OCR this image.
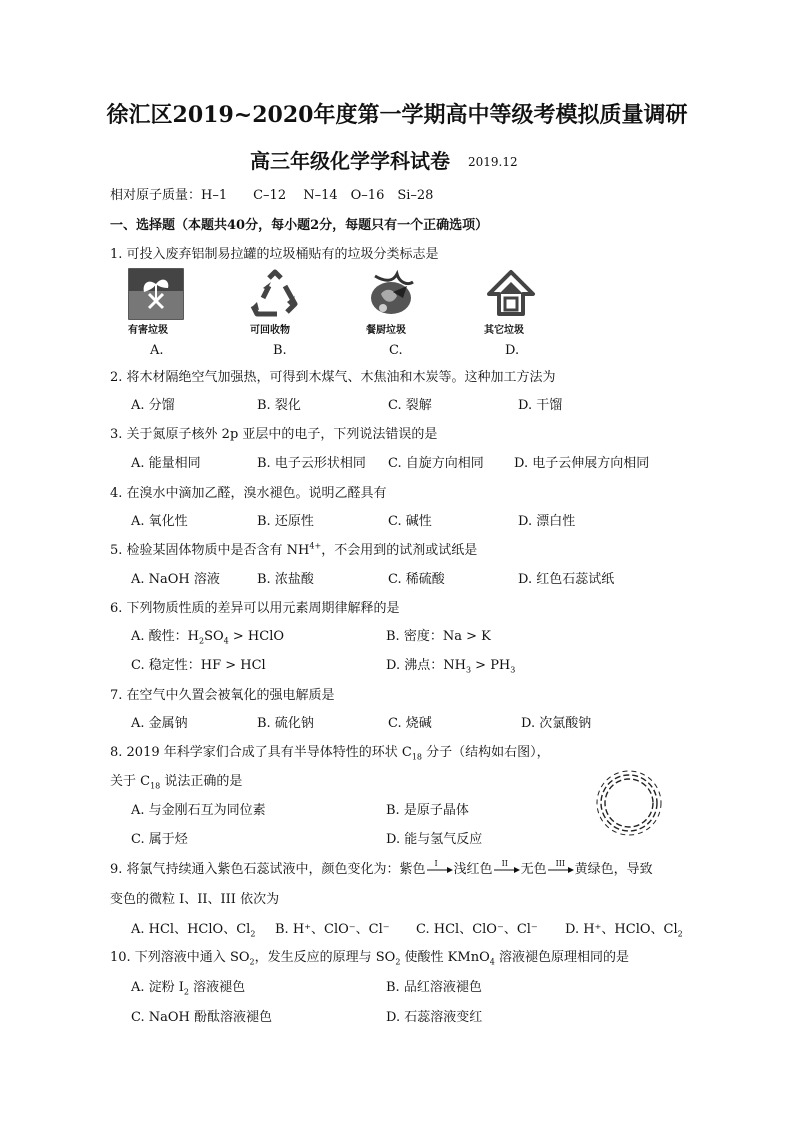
徐汇区2019~2020年度第一学期高中等级考模拟质量调研
高三年级化学学科试卷 2019.12
相对原子质量：H–1　　C–12　 N–14　O–16　Si–28
一、选择题（本题共40分，每小题2分，每题只有一个正确选项）
1. 可投入废弃铝制易拉罐的垃圾桶贴有的垃圾分类标志是
有害垃圾	可回收物	餐厨垃圾	其它垃圾
A.	B.	C.	D.
2. 将木材隔绝空气加强热，可得到木煤气、木焦油和木炭等。这种加工方法为
A. 分馏	B. 裂化	C. 裂解	D. 干馏
3. 关于氮原子核外 2p 亚层中的电子，下列说法错误的是
A. 能量相同	B. 电子云形状相同 C. 自旋方向相同 D. 电子云伸展方向相同
4. 在溴水中滴加乙醛，溴水褪色。说明乙醛具有
A. 氧化性	B. 还原性	C. 碱性	D. 漂白性
5. 检验某固体物质中是否含有 $NH^{4+}$，不会用到的试剂或试纸是
A. NaOH 溶液	B. 浓盐酸	C. 稀硫酸	D. 红色石蕊试纸
6. 下列物质性质的差异可以用元素周期律解释的是
A. 酸性：$H_2SO_4$ > HClO	B. 密度：Na > K
C. 稳定性：HF > HCl	D. 沸点：$NH_3 > PH_3$
7. 在空气中久置会被氧化的强电解质是
A. 金属钠	B. 硫化钠	C. 烧碱	D. 次氯酸钠
8. 2019 年科学家们合成了具有半导体特性的环状 $C_{18}$ 分子（结构如右图），
关于 $C_{18}$ 说法正确的是
A. 与金刚石互为同位素	B. 是原子晶体
C. 属于烃	D. 能与氢气反应
9. 将氯气持续通入紫色石蕊试液中，颜色变化为：紫色 I 浅红色 II 无色 III 黄绿色，导致
变色的微粒 I、II、III 依次为
A. HCl、HClO、$Cl_2$ B. H⁺、ClO⁻、Cl⁻ C. HCl、ClO⁻、Cl⁻ D. H⁺、HClO、$Cl_2$
10. 下列溶液中通入 $SO_2$，发生反应的原理与 $SO_2$ 使酸性 KMnO$_4$ 溶液褪色原理相同的是
A. 淀粉 $I_2$ 溶液褪色	B. 品红溶液褪色
C. NaOH 酚酞溶液褪色	D. 石蕊溶液变红
